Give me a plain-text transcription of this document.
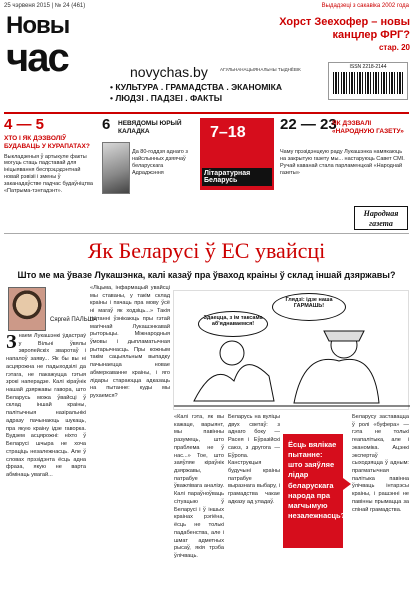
25 чэрвеня 2015 | № 24 (461)	Выдадзеці з сакавіка 2002 года
Новы
час	novychas.by	АГУЛЬНАНАЦЫЯНАЛЬНЫ ТЫДНЁВІК
• КУЛЬТУРА . ГРАМАДСТВА . ЭКАНОМІКА
• ЛЮДЗІ . ПАДЗЕІ . ФАКТЫ
Хорст Зеехофер – новы канцлер ФРГ?
стар. 20
ISSN 2218-2144
4 — 5
ХТО І ЯК ДЭЗВОЛІЎ БУДАВАЦЬ У КУРАПАТАХ?
Выкладзеныя ў артыкуле факты могуць стаць падставай для ініцыявання беспрэцэдэнтнай новай рэвізіі і змены ў заканадаўстве падчас будаўніцтва «Патрыма-тэнтадэнт».
6	НЕВЯДОМЫ ЮРЫЙ КАЛАДКА
Да 80-годдзя аднаго з найслынных дзяячаў беларускага Адраджэння
7–18
Літаратурная Беларусь
22 — 23
ЯК ДЭЗВАЛІ «НАРОДНУЮ ГАЗЕТУ»
Чаму прэзідэнцкую раду Лукашэнка намякаюць на закрытую газету мы... настаруюць Савет СМІ. Ручай каванай стала парламенцкай «Народнай газеты»
Народная газета
Як Беларусі ў ЕС увайсці
Што ме ма ўвазе Лукашэнка, калі казаў пра ўваход краіны ў склад іншай дзяржавы?
Сяргей ПАЛЬША
З наем Лукашэнкі ўдастраў у Вільні ўвялы эвропейскіх зваротаў і напалоў заяву... Як бы вы ні асцярожна не падыходзілі да гэтага, не пакажуцца гэтыя зрокі наперадзе. Калі кіраўнік нашай дзяржавы гавора, што Беларусь можа ўвайсці ў склад іншай краіны, палітычныя назіральнікі адразу пачынаюць шукаць, пра якую краіну ідзе гаворка. Будзем асцярожні: ніхто ў Беларусі шчыра не хоча страціць незалежнасць. Але ў словах прэзідэнта ёсць адна фраза, якую не варта абмінаць увагай...
«Ліцьма, інфармацый увайсці мы ставаны, у такім склад краіны і пачаць пра мову ўсё ні магаў як ходзіць...» Такія пытанні ўзнікаюць пры гэтай магічнай Лукашэнкавай рыторыцы. Міжнародныя ўмовы і дыпламатычная рытарычнасць. Пры кожным такім сацыяльным выпадку пачынаецца новае абмеркаванне краіны, і яго лідары стараюцца адказаць на пытанне: куды мы рухаемся?
«Калі гэта, як вы кажаце, варыянт, мы павінны разумець, што праблема не ў нас...» Тое, што заяўляе кіраўнік дзяржавы, патрабуе ўважлівага аналізу. Калі параўноўваць сітуацыю ў Беларусі і ў іншых краінах рэгіёна, ёсць не толькі падабенства, але і шмат адметных рысаў, якія трэба ўлічваць.
Беларусь на вуліцы двух светаў: з аднаго боку — Расея і Еўразійскі саюз, з другога — Еўропа. Канструкцыя будучыні краіны патрабуе выразнага выбару, і грамадства чакае адказу ад уладаў.
Беларусу заставацца ў ролі «буфера» — гэта не толькі геапалітыка, але і эканоміка. Ацэнкі экспертаў сыходзяцца ў адным: прагматычная палітыка павінна ўлічваць інтарэсы краіны, і рашэнні не павінны прымацца за спінай грамадства.
Глядзі: ідзе наша ГАРМАШЬ!
Здаецца, з ім таксама аб'яднаваемся!
Ёсць вялікае пытанне: што заяўляе лідар беларускага народа пра магчымую незалежнасць?
